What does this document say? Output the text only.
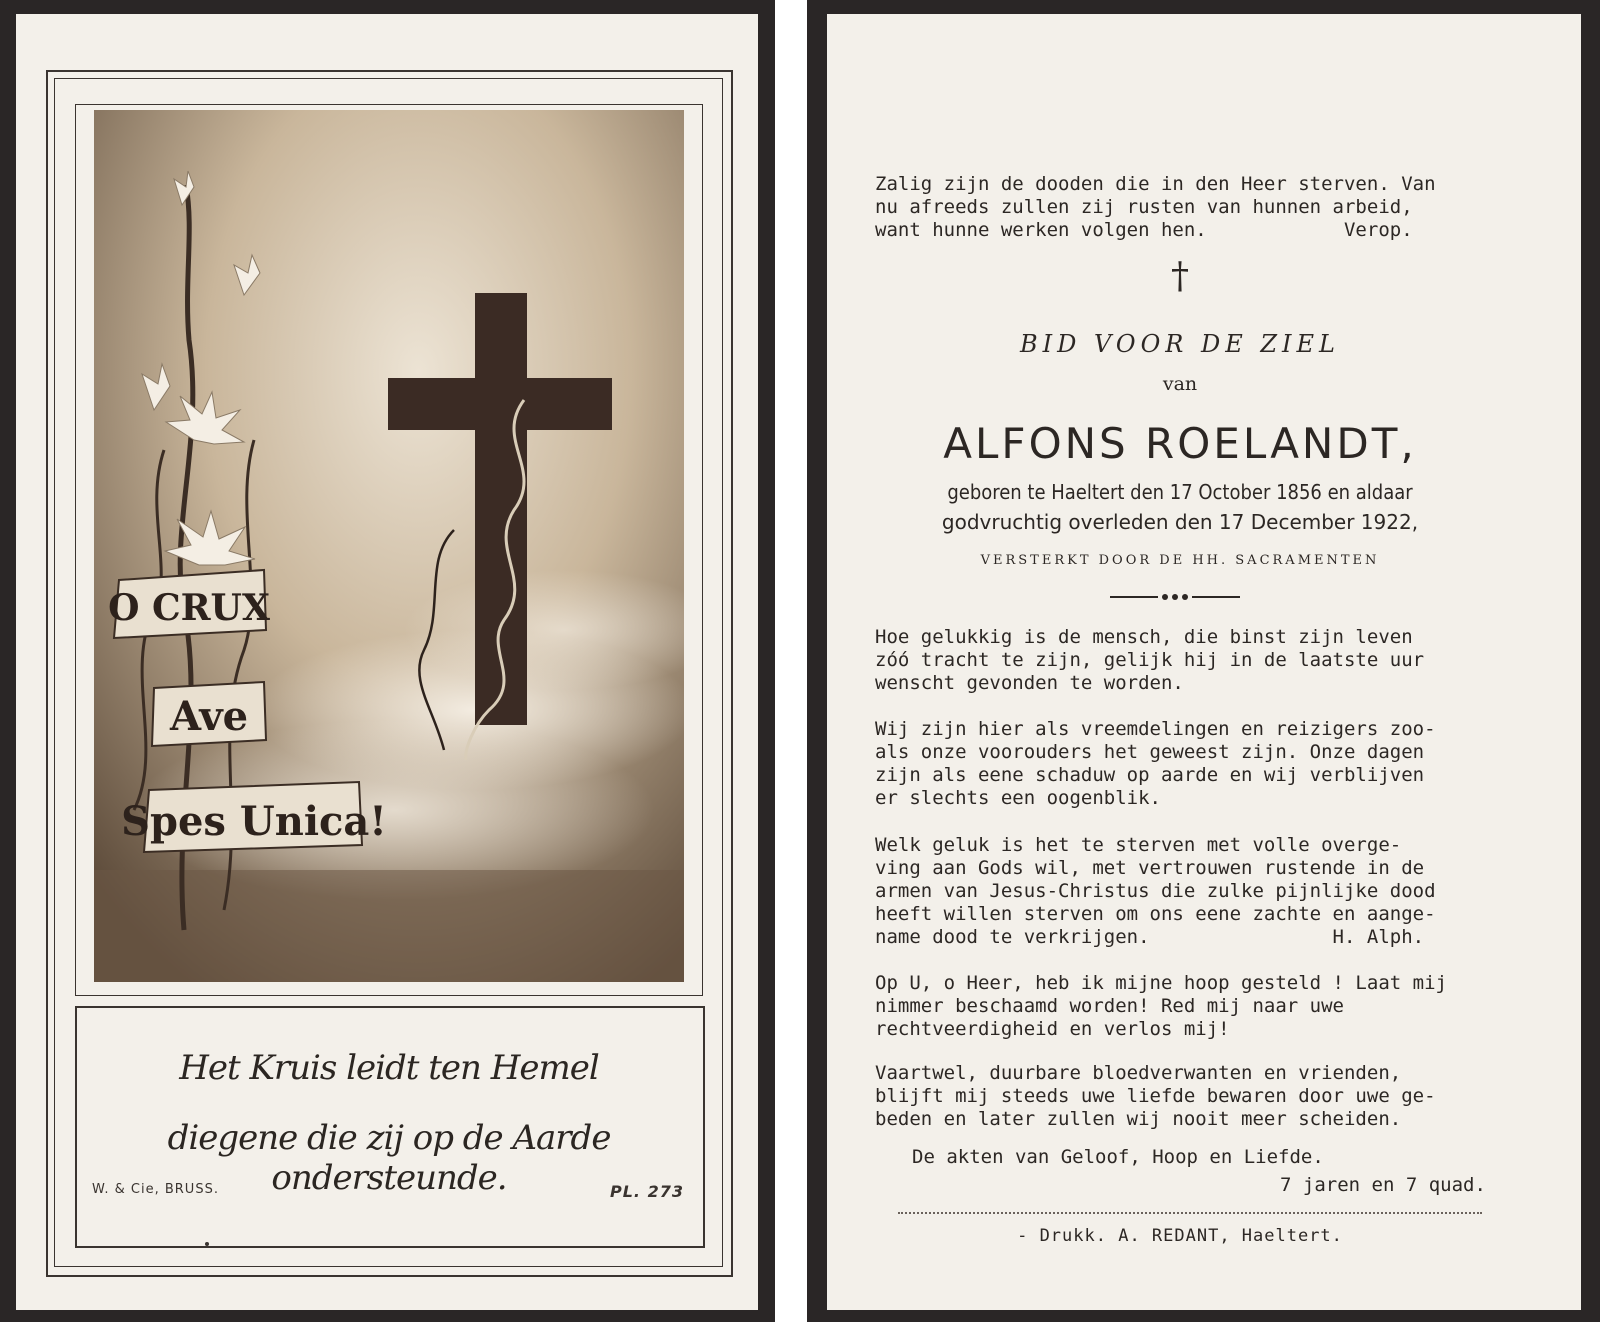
O CRUX
Ave
Spes Unica!
Het Kruis leidt ten Hemel
diegene die zij op de Aarde ondersteunde.
W. & Cie, BRUSS.	PL. 273
Zalig zijn de dooden die in den Heer sterven. Van
nu afreeds zullen zij rusten van hunnen arbeid,
want hunne werken volgen hen.            Verop.
†
BID VOOR DE ZIEL
van
ALFONS ROELANDT,
geboren te Haeltert den 17 October 1856 en aldaar
godvruchtig overleden den 17 December 1922,
VERSTERKT DOOR DE HH. SACRAMENTEN
Hoe gelukkig is de mensch, die binst zijn leven
zóó tracht te zijn, gelijk hij in de laatste uur
wenscht gevonden te worden.
Wij zijn hier als vreemdelingen en reizigers zoo-
als onze voorouders het geweest zijn. Onze dagen
zijn als eene schaduw op aarde en wij verblijven
er slechts een oogenblik.
Welk geluk is het te sterven met volle overge-
ving aan Gods wil, met vertrouwen rustende in de
armen van Jesus-Christus die zulke pijnlijke dood
heeft willen sterven om ons eene zachte en aange-
name dood te verkrijgen.                H. Alph.
Op U, o Heer, heb ik mijne hoop gesteld ! Laat mij
nimmer beschaamd worden! Red mij naar uwe
rechtveerdigheid en verlos mij!
Vaartwel, duurbare bloedverwanten en vrienden,
blijft mij steeds uwe liefde bewaren door uwe ge-
beden en later zullen wij nooit meer scheiden.
De akten van Geloof, Hoop en Liefde.
7 jaren en 7 quad.
- Drukk. A. REDANT, Haeltert.
